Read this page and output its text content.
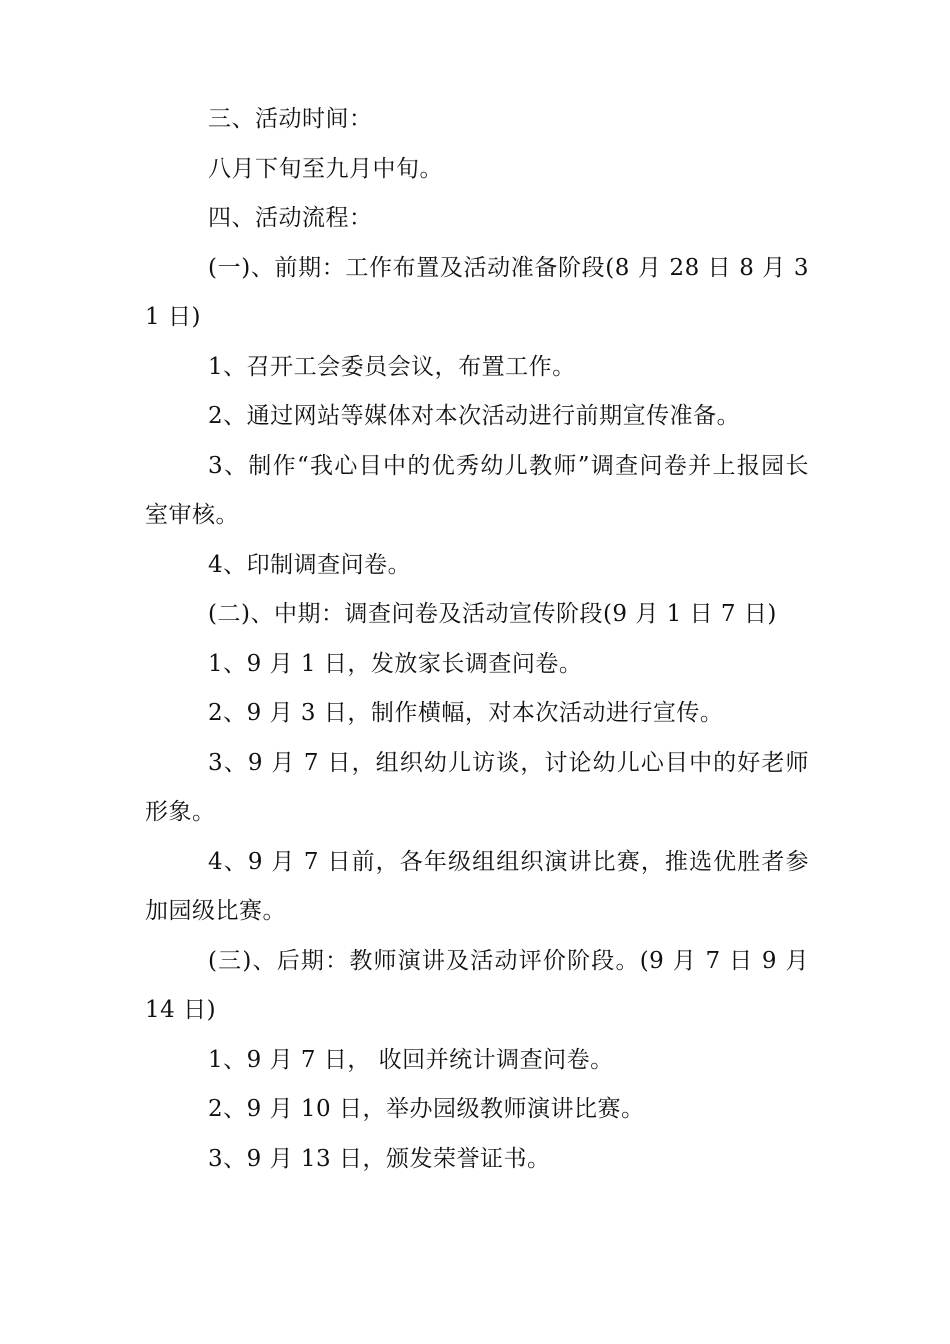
三、活动时间：

八月下旬至九月中旬。

四、活动流程：

(一)、前期：工作布置及活动准备阶段(8 月 28 日 8 月 31 日)

1、召开工会委员会议，布置工作。

2、通过网站等媒体对本次活动进行前期宣传准备。

3、制作“我心目中的优秀幼儿教师”调查问卷并上报园长室审核。

4、印制调查问卷。

(二)、中期：调查问卷及活动宣传阶段(9 月 1 日 7 日)

1、9 月 1 日，发放家长调查问卷。

2、9 月 3 日，制作横幅，对本次活动进行宣传。

3、9 月 7 日，组织幼儿访谈，讨论幼儿心目中的好老师形象。

4、9 月 7 日前，各年级组组织演讲比赛，推选优胜者参加园级比赛。

(三)、后期：教师演讲及活动评价阶段。(9 月 7 日 9 月 14 日)

1、9 月 7 日， 收回并统计调查问卷。

2、9 月 10 日，举办园级教师演讲比赛。

3、9 月 13 日，颁发荣誉证书。
